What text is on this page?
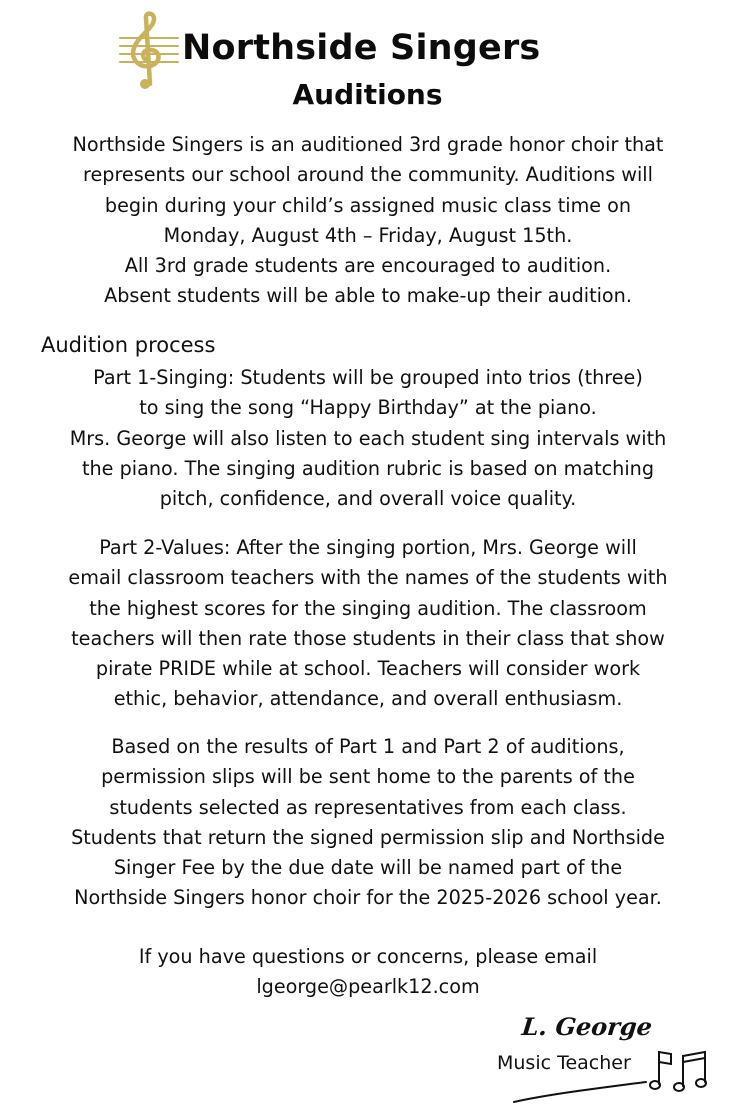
Northside Singers
Auditions

Northside Singers is an auditioned 3rd grade honor choir that
represents our school around the community. Auditions will
begin during your child’s assigned music class time on
Monday, August 4th – Friday, August 15th.
All 3rd grade students are encouraged to audition.
Absent students will be able to make-up their audition.

Audition process

Part 1-Singing: Students will be grouped into trios (three)
to sing the song “Happy Birthday” at the piano.
Mrs. George will also listen to each student sing intervals with
the piano. The singing audition rubric is based on matching
pitch, confidence, and overall voice quality.

Part 2-Values: After the singing portion, Mrs. George will
email classroom teachers with the names of the students with
the highest scores for the singing audition. The classroom
teachers will then rate those students in their class that show
pirate PRIDE while at school. Teachers will consider work
ethic, behavior, attendance, and overall enthusiasm.

Based on the results of Part 1 and Part 2 of auditions,
permission slips will be sent home to the parents of the
students selected as representatives from each class.
Students that return the signed permission slip and Northside
Singer Fee by the due date will be named part of the
Northside Singers honor choir for the 2025-2026 school year.

If you have questions or concerns, please email
lgeorge@pearlk12.com

L. George
Music Teacher
